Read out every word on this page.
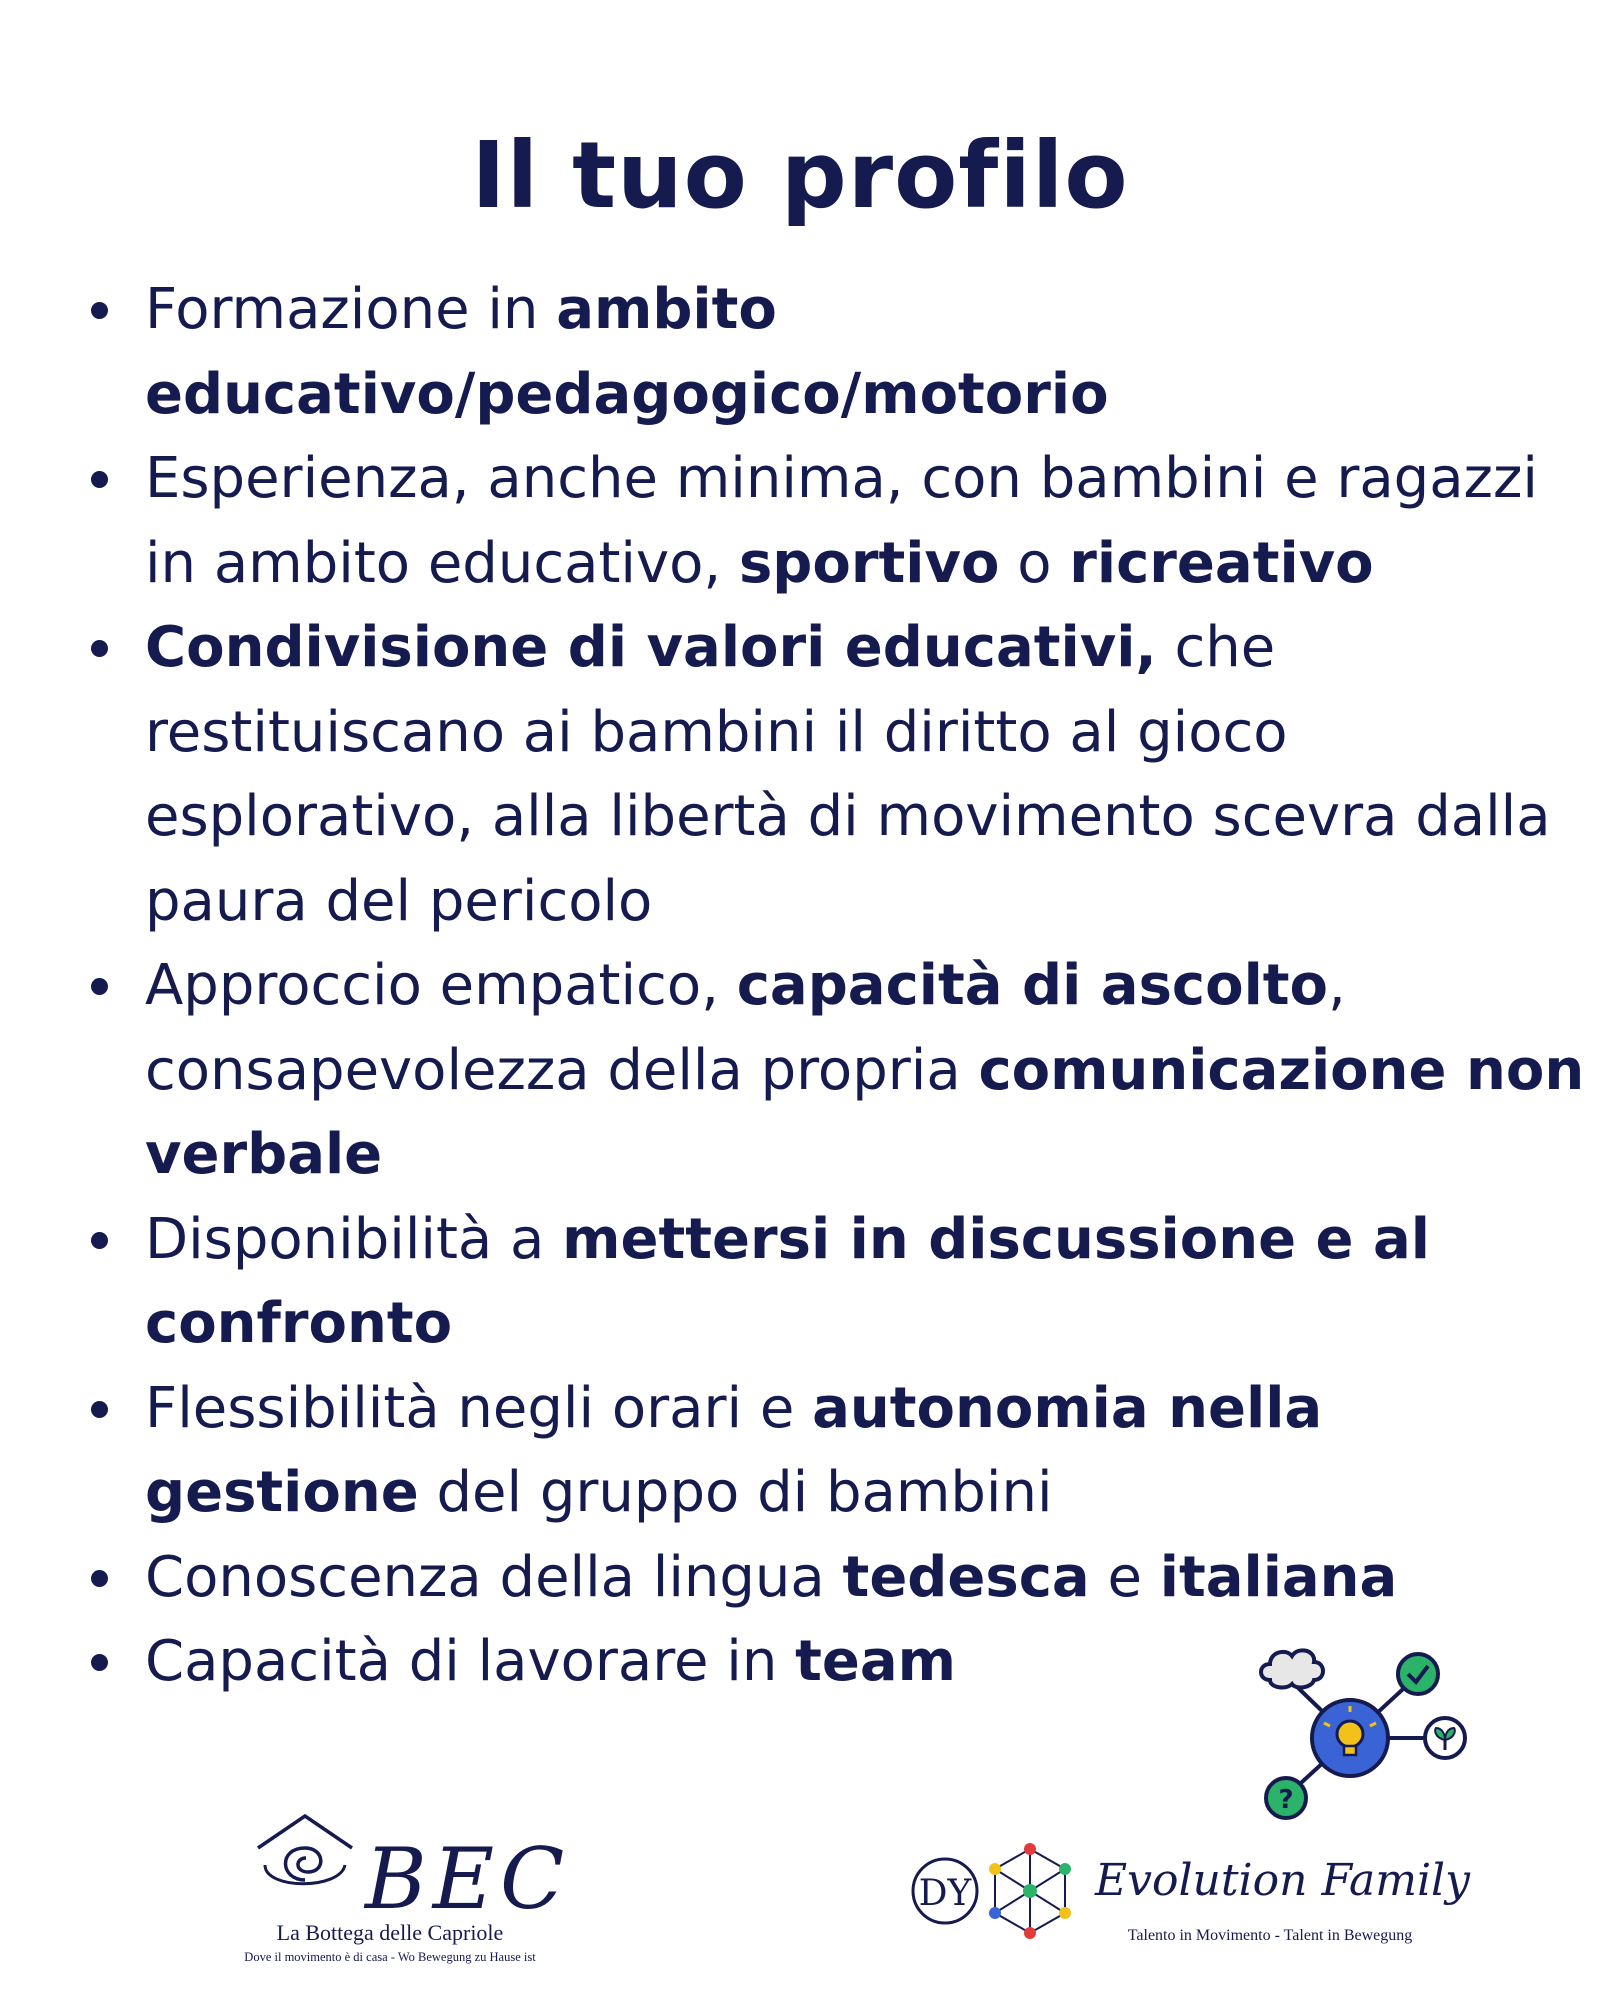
Il tuo profilo
Formazione in ambito educativo/pedagogico/motorio
Esperienza, anche minima, con bambini e ragazzi in ambito educativo, sportivo o ricreativo
Condivisione di valori educativi, che restituiscano ai bambini il diritto al gioco esplorativo, alla libertà di movimento scevra dalla paura del pericolo
Approccio empatico, capacità di ascolto, consapevolezza della propria comunicazione non verbale
Disponibilità a mettersi in discussione e al confronto
Flessibilità negli orari e autonomia nella gestione del gruppo di bambini
Conoscenza della lingua tedesca e italiana
Capacità di lavorare in team
?
BEC
La Bottega delle Capriole
Dove il movimento è di casa - Wo Bewegung zu Hause ist
DY	Evolution Family
Talento in Movimento - Talent in Bewegung
